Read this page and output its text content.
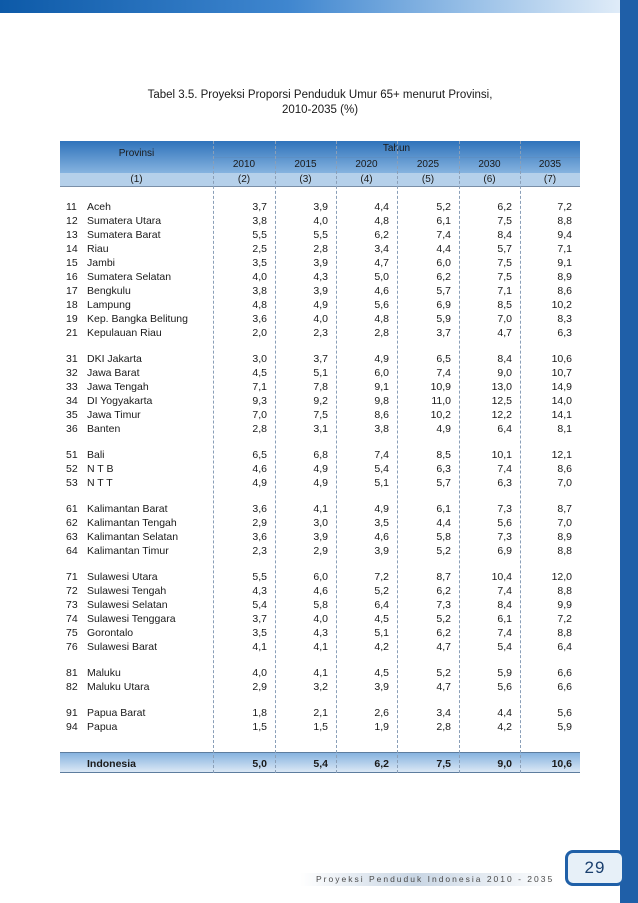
Tabel 3.5. Proyeksi Proporsi Penduduk Umur 65+ menurut Provinsi,
2010-2035 (%)
Provinsi	Tahun
2010	2015	2020	2025	2030	2035
(1)	(2)	(3)	(4)	(5)	(6)	(7)
11 Aceh	3,7	3,9	4,4	5,2	6,2	7,2
12 Sumatera Utara	3,8	4,0	4,8	6,1	7,5	8,8
13 Sumatera Barat	5,5	5,5	6,2	7,4	8,4	9,4
14 Riau	2,5	2,8	3,4	4,4	5,7	7,1
15 Jambi	3,5	3,9	4,7	6,0	7,5	9,1
16 Sumatera Selatan	4,0	4,3	5,0	6,2	7,5	8,9
17 Bengkulu	3,8	3,9	4,6	5,7	7,1	8,6
18 Lampung	4,8	4,9	5,6	6,9	8,5	10,2
19 Kep. Bangka Belitung	3,6	4,0	4,8	5,9	7,0	8,3
21 Kepulauan Riau	2,0	2,3	2,8	3,7	4,7	6,3
31 DKI Jakarta	3,0	3,7	4,9	6,5	8,4	10,6
32 Jawa Barat	4,5	5,1	6,0	7,4	9,0	10,7
33 Jawa Tengah	7,1	7,8	9,1	10,9	13,0	14,9
34 DI Yogyakarta	9,3	9,2	9,8	11,0	12,5	14,0
35 Jawa Timur	7,0	7,5	8,6	10,2	12,2	14,1
36 Banten	2,8	3,1	3,8	4,9	6,4	8,1
51 Bali	6,5	6,8	7,4	8,5	10,1	12,1
52 N T B	4,6	4,9	5,4	6,3	7,4	8,6
53 N T T	4,9	4,9	5,1	5,7	6,3	7,0
61 Kalimantan Barat	3,6	4,1	4,9	6,1	7,3	8,7
62 Kalimantan Tengah	2,9	3,0	3,5	4,4	5,6	7,0
63 Kalimantan Selatan	3,6	3,9	4,6	5,8	7,3	8,9
64 Kalimantan Timur	2,3	2,9	3,9	5,2	6,9	8,8
71 Sulawesi Utara	5,5	6,0	7,2	8,7	10,4	12,0
72 Sulawesi Tengah	4,3	4,6	5,2	6,2	7,4	8,8
73 Sulawesi Selatan	5,4	5,8	6,4	7,3	8,4	9,9
74 Sulawesi Tenggara	3,7	4,0	4,5	5,2	6,1	7,2
75 Gorontalo	3,5	4,3	5,1	6,2	7,4	8,8
76 Sulawesi Barat	4,1	4,1	4,2	4,7	5,4	6,4
81 Maluku	4,0	4,1	4,5	5,2	5,9	6,6
82 Maluku Utara	2,9	3,2	3,9	4,7	5,6	6,6
91 Papua Barat	1,8	2,1	2,6	3,4	4,4	5,6
94 Papua	1,5	1,5	1,9	2,8	4,2	5,9
Indonesia	5,0	5,4	6,2	7,5	9,0	10,6
Proyeksi Penduduk Indonesia 2010 - 2035
29
